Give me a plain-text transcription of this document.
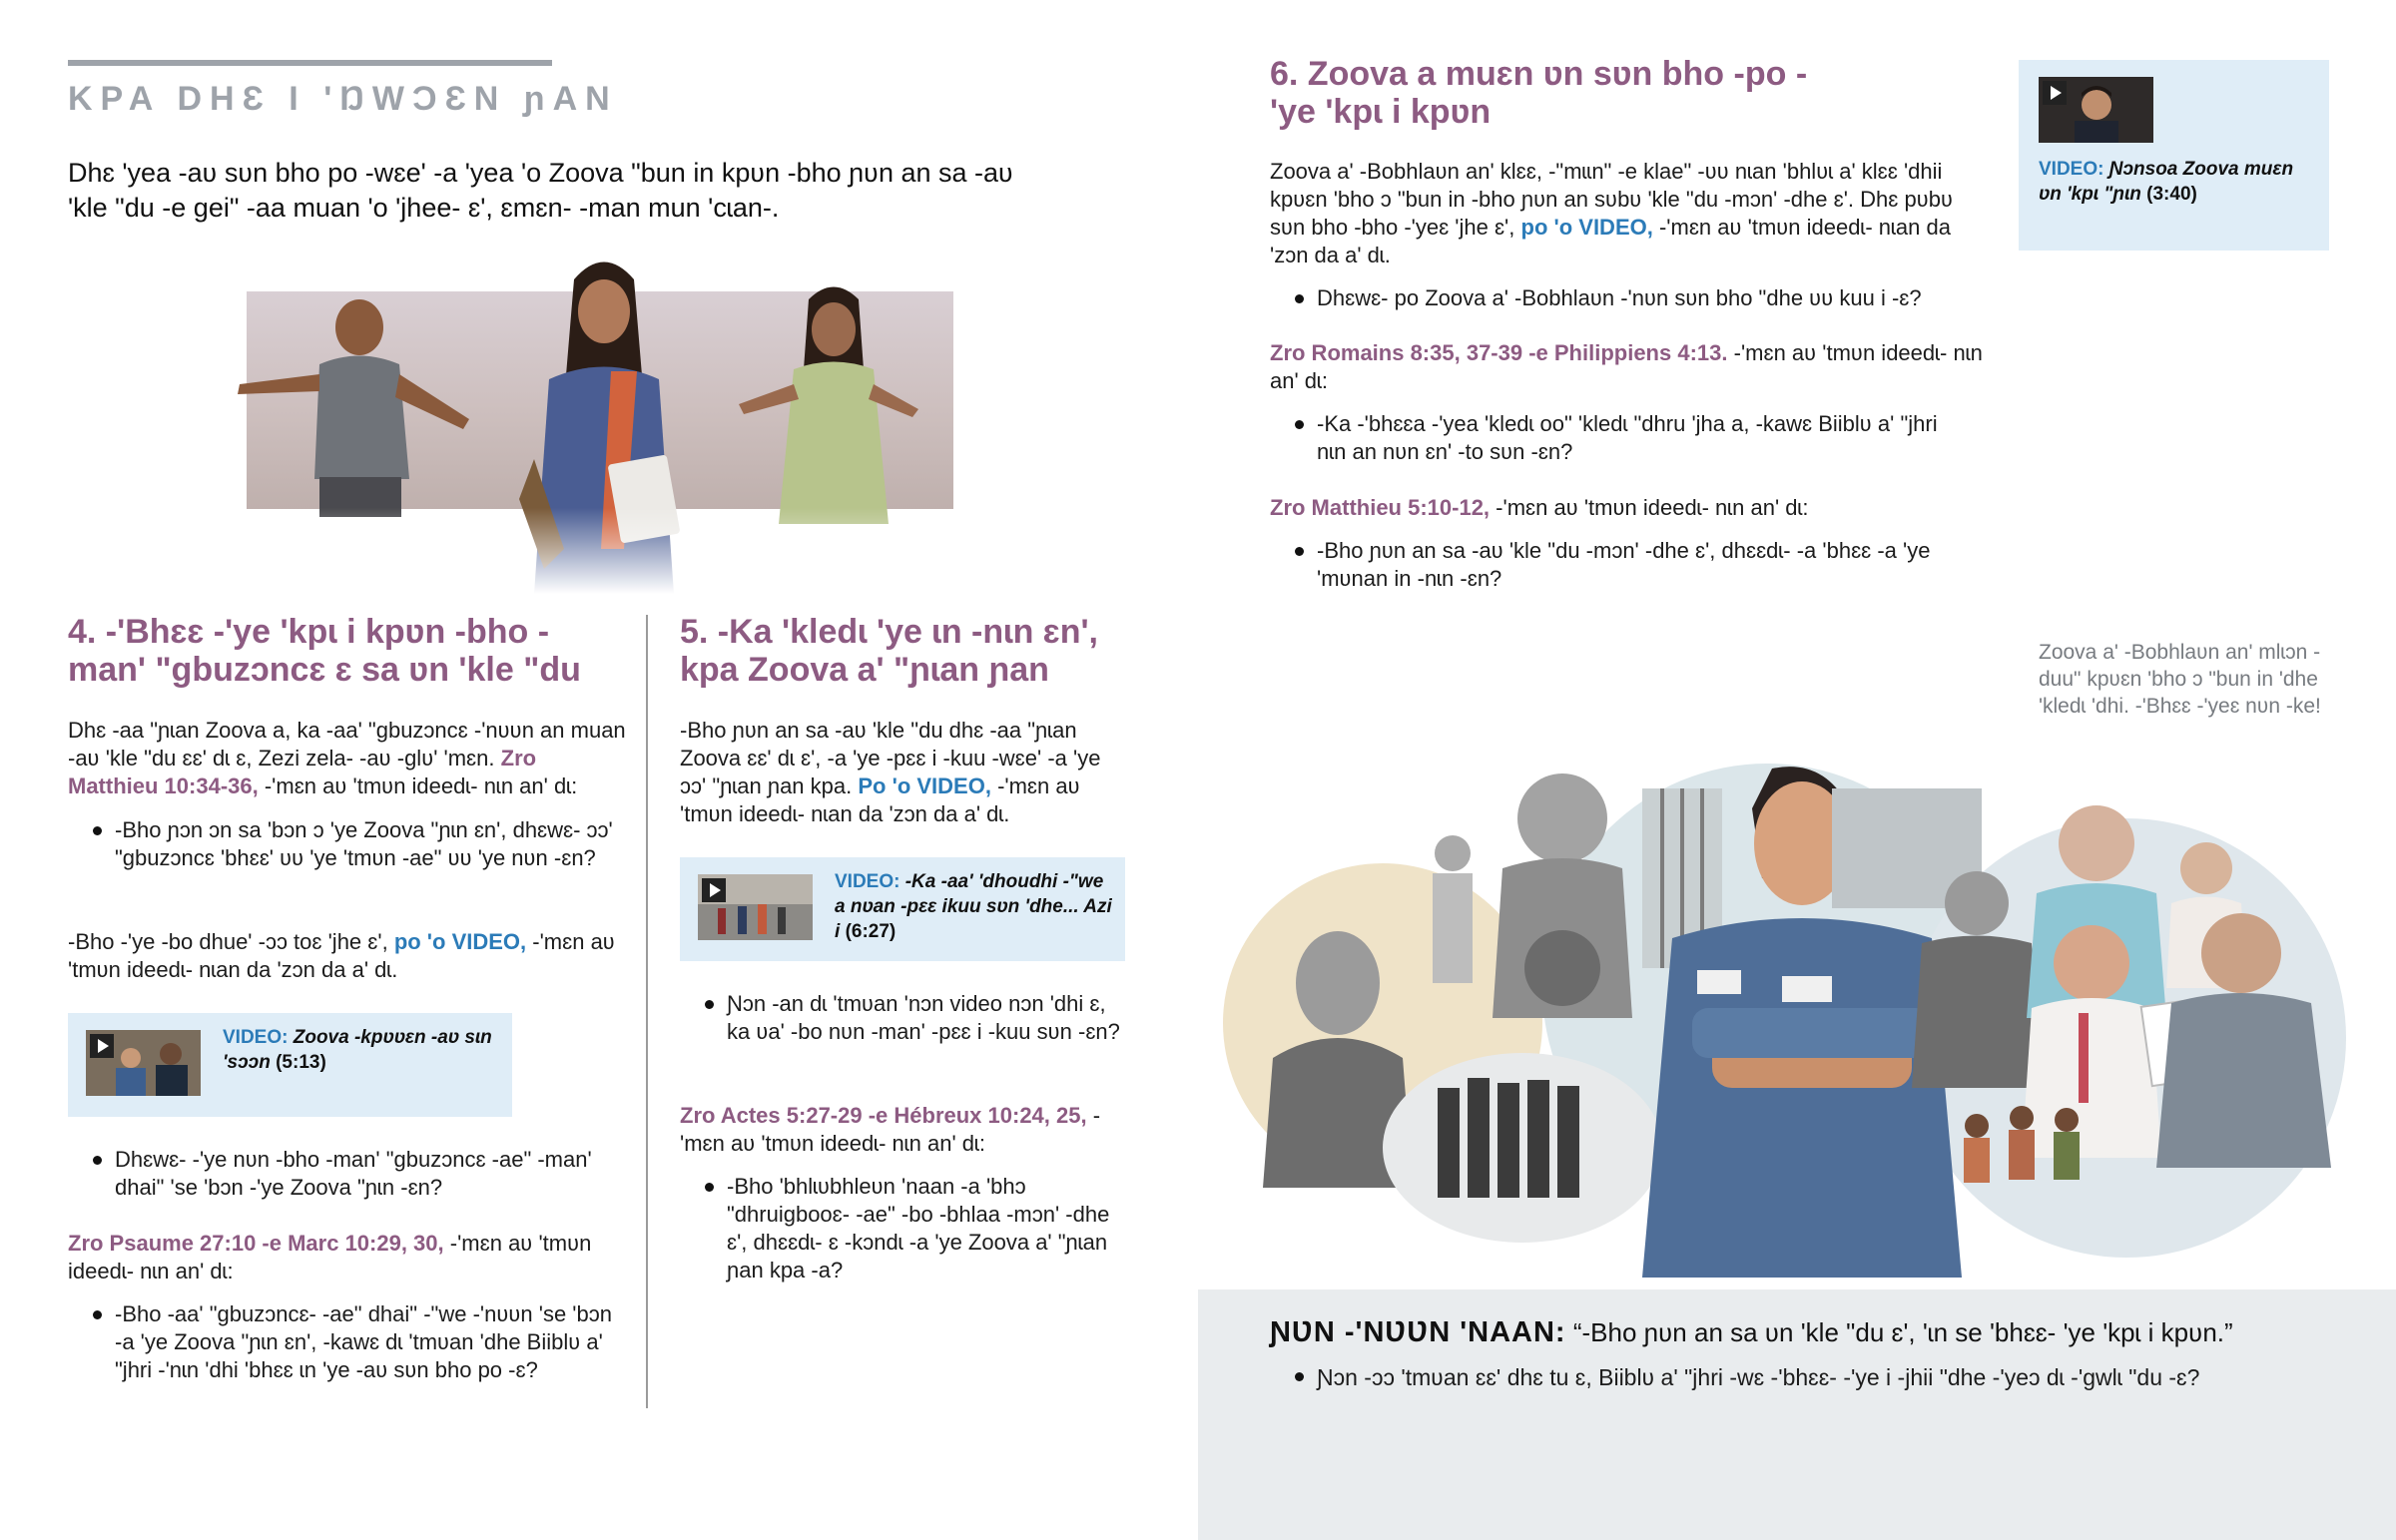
KPA DHƐ I 'ŊWƆƐN ɲAN

Dhɛ 'yea -aʋ sʋn bho po -wɛe' -a 'yea 'o Zoova "bun in kpʋn -bho ɲʋn an sa -aʋ 'kle "du -e gei" -aa muan 'o 'jhee- ɛ', ɛmɛn- -man mun 'cɩan-.

4. -'Bhɛɛ -'ye 'kpɩ i kpʋn -bho -man' "gbuzɔncɛ ɛ sa ʋn 'kle "du

Dhɛ -aa "ɲɩan Zoova a, ka -aa' "gbuzɔncɛ -'nʋʋn an muan -aʋ 'kle "du ɛɛ' dɩ ɛ, Zezi zela- -aʋ -glʋ' 'mɛn. Zro Matthieu 10:34-36, -'mɛn aʋ 'tmʋn ideedɩ- nɩn an' dɩ:

-Bho ɲɔn ɔn sa 'bɔn ɔ 'ye Zoova "ɲɩn ɛn', dhɛwɛ- ɔɔ' "gbuzɔncɛ 'bhɛɛ' ʋʋ 'ye 'tmʋn -ae" ʋʋ 'ye nʋn -ɛn?

-Bho -'ye -bo dhue' -ɔɔ toɛ 'jhe ɛ', po 'o VIDEO, -'mɛn aʋ 'tmʋn ideedɩ- nɩan da 'zɔn da a' dɩ.

VIDEO: Zoova -kpʋʋɛn -aʋ sɩn 'sɔɔn (5:13)
Dhɛwɛ- -'ye nʋn -bho -man' "gbuzɔncɛ -ae" -man' dhai" 'se 'bɔn -'ye Zoova "ɲɩn -ɛn?

Zro Psaume 27:10 -e Marc 10:29, 30, -'mɛn aʋ 'tmʋn ideedɩ- nɩn an' dɩ:

-Bho -aa' "gbuzɔncɛ- -ae" dhai" -"we -'nʋʋn 'se 'bɔn -a 'ye Zoova "ɲɩn ɛn', -kawɛ dɩ 'tmʋan 'dhe Biiblʋ a' "jhri -'nɩn 'dhi 'bhɛɛ ɩn 'ye -aʋ sʋn bho po -ɛ?
5. -Ka 'kledɩ 'ye ɩn -nɩn ɛn', kpa Zoova a' "ɲɩan ɲan

-Bho ɲʋn an sa -aʋ 'kle "du dhɛ -aa "ɲɩan Zoova ɛɛ' dɩ ɛ', -a 'ye -pɛɛ i -kuu -wɛe' -a 'ye ɔɔ' "ɲɩan ɲan kpa. Po 'o VIDEO, -'mɛn aʋ 'tmʋn ideedɩ- nɩan da 'zɔn da a' dɩ.

VIDEO: -Ka -aa' 'dhoudhi -"we a nʋan -pɛɛ ikuu sʋn 'dhe... Azi i (6:27)
Ɲɔn -an dɩ 'tmʋan 'nɔn video nɔn 'dhi ɛ, ka ʋa' -bo nʋn -man' -pɛɛ i -kuu sʋn -ɛn?

Zro Actes 5:27-29 -e Hébreux 10:24, 25, -'mɛn aʋ 'tmʋn ideedɩ- nɩn an' dɩ:

-Bho 'bhlɩʋbhleʋn 'naan -a 'bhɔ "dhruigbooɛ- -ae" -bo -bhlaa -mɔn' -dhe ɛ', dhɛɛdɩ- ɛ -kɔndɩ -a 'ye Zoova a' "ɲɩan ɲan kpa -a?
6. Zoova a muɛn ʋn sʋn bho -po -'ye 'kpɩ i kpʋn

Zoova a' -Bobhlaʋn an' klɛɛ, -"mɩɩn" -e klae" -ʋʋ nɩan 'bhlʋɩ a' klɛɛ 'dhii kpʋɛn 'bho ɔ "bun in -bho ɲʋn an sʋbʋ 'kle "du -mɔn' -dhe ɛ'. Dhɛ pʋbʋ sʋn bho -bho -'yeɛ 'jhe ɛ', po 'o VIDEO, -'mɛn aʋ 'tmʋn ideedɩ- nɩan da 'zɔn da a' dɩ.

Dhɛwɛ- po Zoova a' -Bobhlaʋn -'nʋn sʋn bho "dhe ʋʋ kuu i -ɛ?

Zro Romains 8:35, 37-39 -e Philippiens 4:13. -'mɛn aʋ 'tmʋn ideedɩ- nɩn an' dɩ:

-Ka -'bhɛɛa -'yea 'kledɩ oo" 'kledɩ "dhru 'jha a, -kawɛ Biiblʋ a' "jhri nɩn an nʋn ɛn' -to sʋn -ɛn?

Zro Matthieu 5:10-12, -'mɛn aʋ 'tmʋn ideedɩ- nɩn an' dɩ:

-Bho ɲʋn an sa -aʋ 'kle "du -mɔn' -dhe ɛ', dhɛɛdɩ- -a 'bhɛɛ -a 'ye 'mʋnan in -nɩn -ɛn?
VIDEO: Ɲɔnsoa Zoova muɛn ʋn 'kpɩ "ɲɩn (3:40)

Zoova a' -Bobhlaʋn an' mlɩɔn -duu" kpʋɛn 'bho ɔ "bun in 'dhe 'kledɩ 'dhi. -'Bhɛɛ -'yeɛ nʋn -ke!

ƝƲN -'NƲƲN 'NAAN: “-Bho ɲʋn an sa ʋn 'kle "du ɛ', 'ɩn se 'bhɛɛ- 'ye 'kpɩ i kpʋn.”

Ɲɔn -ɔɔ 'tmʋan ɛɛ' dhɛ tu ɛ, Biiblʋ a' "jhri -wɛ -'bhɛɛ- -'ye i -jhii "dhe -'yeɔ dɩ -'gwlɩ "du -ɛ?
